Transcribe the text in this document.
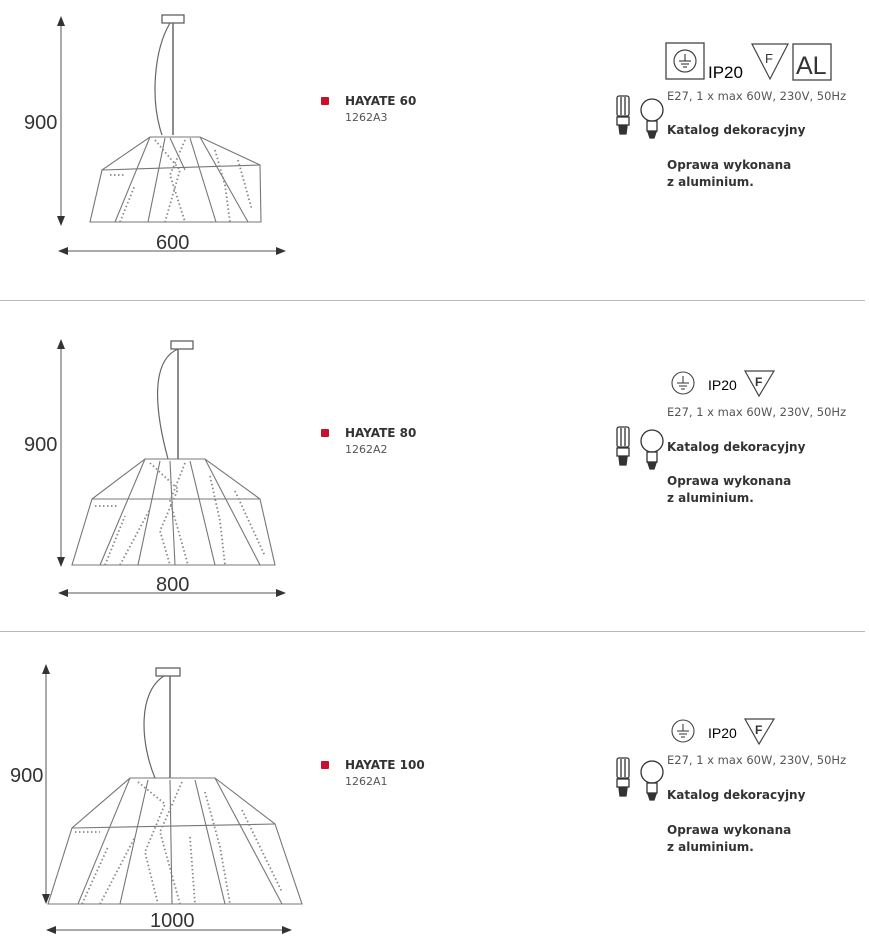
900
600
HAYATE 60
1262A3
IP20
F AL
E27, 1 x max 60W, 230V, 50Hz
Katalog dekoracyjny
Oprawa wykonana
z aluminium.
900
800
HAYATE 80
1262A2
IP20 F
E27, 1 x max 60W, 230V, 50Hz
Katalog dekoracyjny
Oprawa wykonana
z aluminium.
900
1000
HAYATE 100
1262A1
IP20 F
E27, 1 x max 60W, 230V, 50Hz
Katalog dekoracyjny
Oprawa wykonana
z aluminium.
